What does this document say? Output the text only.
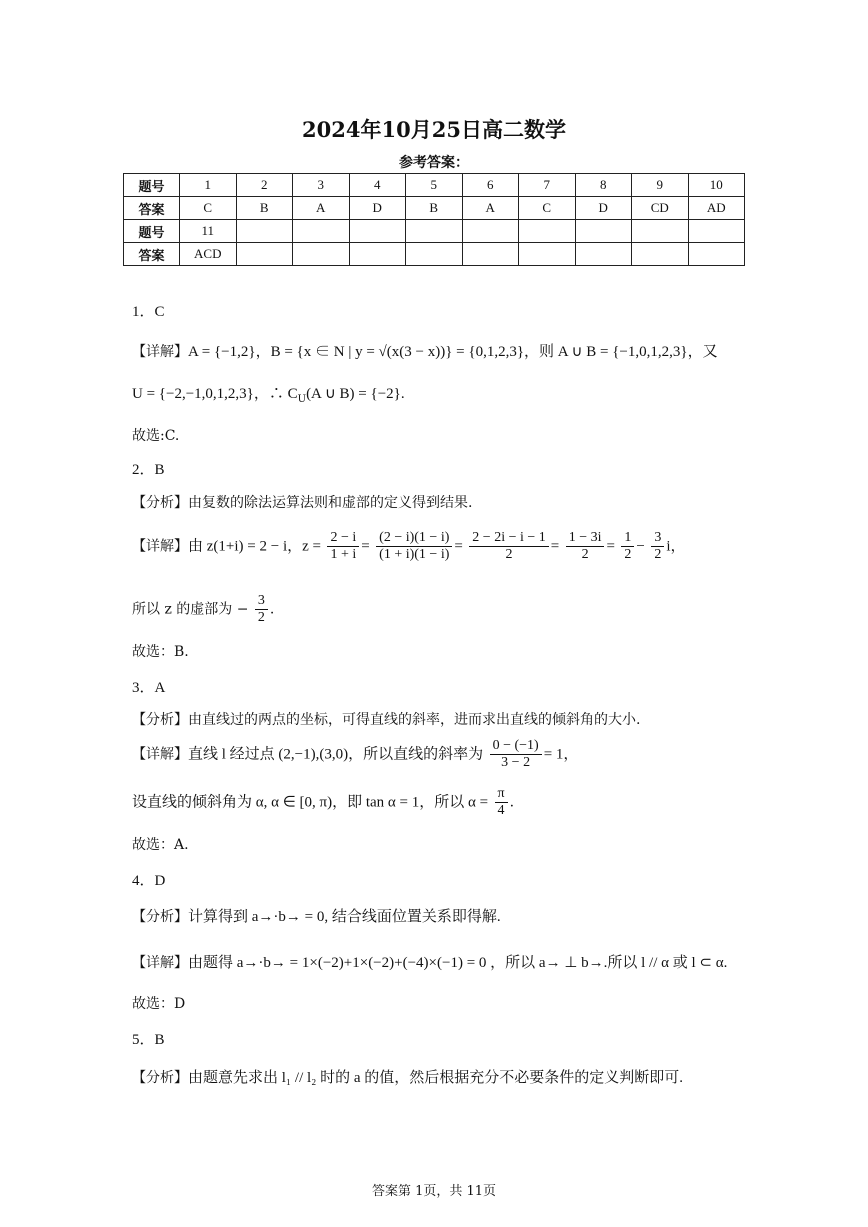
2024年10月25日高二数学
参考答案：
题号	1	2	3	4	5	6	7	8	9	10
答案	C	B	A	D	B	A	C	D	CD	AD
题号	11									
答案	ACD									
1．C
【详解】A = {−1,2}，B = {x ∈ N | y = √(x(3 − x))} = {0,1,2,3}，则 A ∪ B = {−1,0,1,2,3}，又
U = {−2,−1,0,1,2,3}，∴ $C_U(A$ ∪ B) = {−2}.
故选:C.
2．B
【分析】由复数的除法运算法则和虚部的定义得到结果.
【详解】由 z(1+i) = 2 − i，$z = \frac{2 - i}{1 + i} = \frac{(2 - i)(1 - i)}{(1 + i)(1 - i)} = \frac{2 - 2i - i - 1}{2} = \frac{1 - 3i}{2} = \frac{1}{2} - \frac{3}{2}$ i，
所以 z 的虚部为 − $\frac{3}{2}$ .
故选：B.
3．A
【分析】由直线过的两点的坐标，可得直线的斜率，进而求出直线的倾斜角的大小.
【详解】直线 l 经过点 (2,−1),(3,0)，所以直线的斜率为 $\frac{0 - (-1)}{3 - 2} = 1$，
设直线的倾斜角为 α, α ∈ [0, π)，即 tan α = 1，所以 $\alpha = \frac{\pi}{4}$ .
故选：A.
4．D
【分析】计算得到 a→·b→ = 0, 结合线面位置关系即得解.
【详解】由题得 a→·b→ = 1×(−2)+1×(−2)+(−4)×(−1) = 0 ，所以 a→ ⊥ b→.所以 l // α 或 l ⊂ α.
故选：D
5．B
【分析】由题意先求出 l₁ // l₂ 时的 a 的值，然后根据充分不必要条件的定义判断即可.
答案第 1页，共 11页
